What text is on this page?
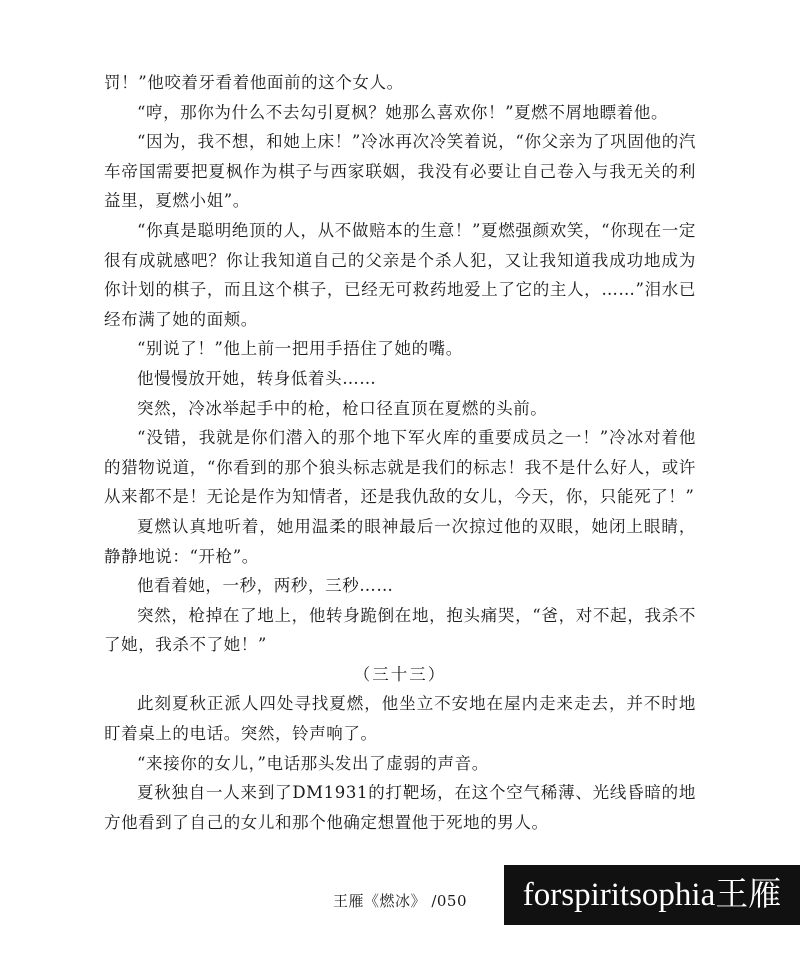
罚！”他咬着牙看着他面前的这个女人。

“哼，那你为什么不去勾引夏枫？她那么喜欢你！”夏燃不屑地瞟着他。

“因为，我不想，和她上床！”冷冰再次冷笑着说，“你父亲为了巩固他的汽车帝国需要把夏枫作为棋子与西家联姻，我没有必要让自己卷入与我无关的利益里，夏燃小姐”。

“你真是聪明绝顶的人，从不做赔本的生意！”夏燃强颜欢笑，“你现在一定很有成就感吧？你让我知道自己的父亲是个杀人犯，又让我知道我成功地成为你计划的棋子，而且这个棋子，已经无可救药地爱上了它的主人，……”泪水已经布满了她的面颊。

“别说了！”他上前一把用手捂住了她的嘴。

他慢慢放开她，转身低着头……

突然，冷冰举起手中的枪，枪口径直顶在夏燃的头前。

“没错，我就是你们潜入的那个地下军火库的重要成员之一！”冷冰对着他的猎物说道，“你看到的那个狼头标志就是我们的标志！我不是什么好人，或许从来都不是！无论是作为知情者，还是我仇敌的女儿，今天，你，只能死了！”

夏燃认真地听着，她用温柔的眼神最后一次掠过他的双眼，她闭上眼睛，静静地说：“开枪”。

他看着她，一秒，两秒，三秒……

突然，枪掉在了地上，他转身跪倒在地，抱头痛哭，“爸，对不起，我杀不了她，我杀不了她！”

（三十三）

此刻夏秋正派人四处寻找夏燃，他坐立不安地在屋内走来走去，并不时地盯着桌上的电话。突然，铃声响了。

“来接你的女儿，”电话那头发出了虚弱的声音。

夏秋独自一人来到了DM1931的打靶场，在这个空气稀薄、光线昏暗的地方他看到了自己的女儿和那个他确定想置他于死地的男人。

王雁《燃冰》 /050	forspiritsophia王雁
